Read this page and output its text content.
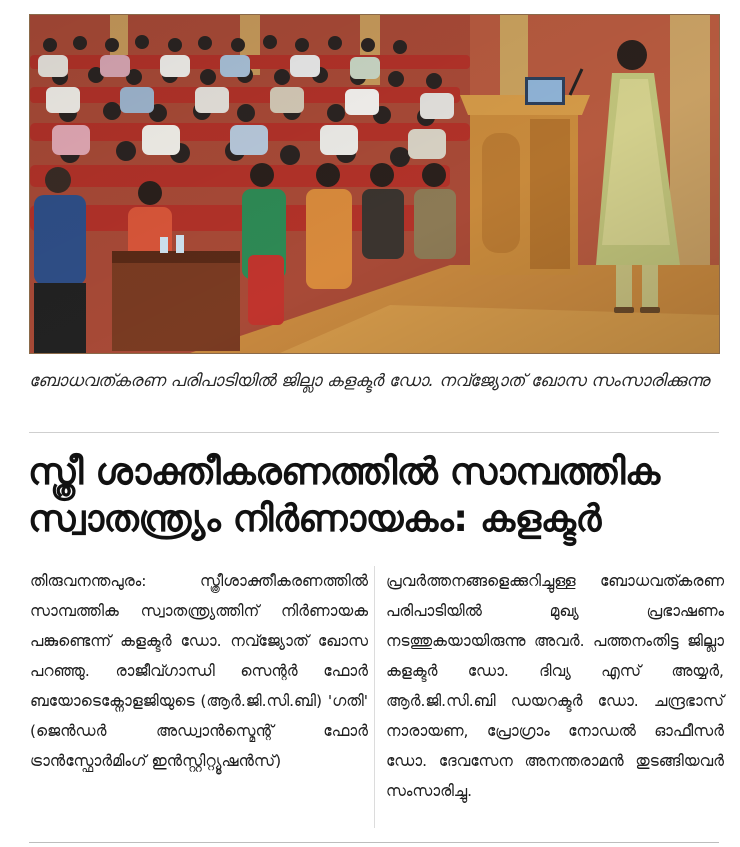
ബോധവത്കരണ പരിപാടിയിൽ ജില്ലാ കളക്ടർ ഡോ. നവ്ജ്യോത് ഖോസ സംസാരിക്കുന്നു
സ്ത്രീ ശാക്തീകരണത്തിൽ സാമ്പത്തിക സ്വാതന്ത്ര്യം നിർണായകം: കളക്ടർ
തിരുവനന്തപുരം: സ്ത്രീശാക്തീകരണത്തിൽ സാമ്പത്തിക സ്വാതന്ത്ര്യത്തിന് നിർണായക പങ്കുണ്ടെന്ന് കളക്ടർ ഡോ. നവ്ജ്യോത് ഖോസ പറഞ്ഞു. രാജീവ്ഗാന്ധി സെന്റർ ഫോർ ബയോടെക്നോളജിയുടെ (ആർ.ജി.സി.ബി) 'ഗതി' (ജെൻഡർ അഡ്വാൻസ്മെന്റ് ഫോർ ട്രാൻസ്ഫോർമിംഗ് ഇൻസ്റ്റിറ്റ്യൂഷൻസ്)
പ്രവർത്തനങ്ങളെക്കുറിച്ചുള്ള ബോധവത്കരണ പരിപാടിയിൽ മുഖ്യ പ്രഭാഷണം നടത്തുകയായിരുന്നു അവർ. പത്തനംതിട്ട ജില്ലാ കളക്ടർ ഡോ. ദിവ്യ എസ് അയ്യർ, ആർ.ജി.സി.ബി ഡയറക്ടർ ഡോ. ചന്ദ്രഭാസ് നാരായണ, പ്രോഗ്രാം നോഡൽ ഓഫീസർ ഡോ. ദേവസേന അനന്തരാമൻ തുടങ്ങിയവർ സംസാരിച്ചു.
